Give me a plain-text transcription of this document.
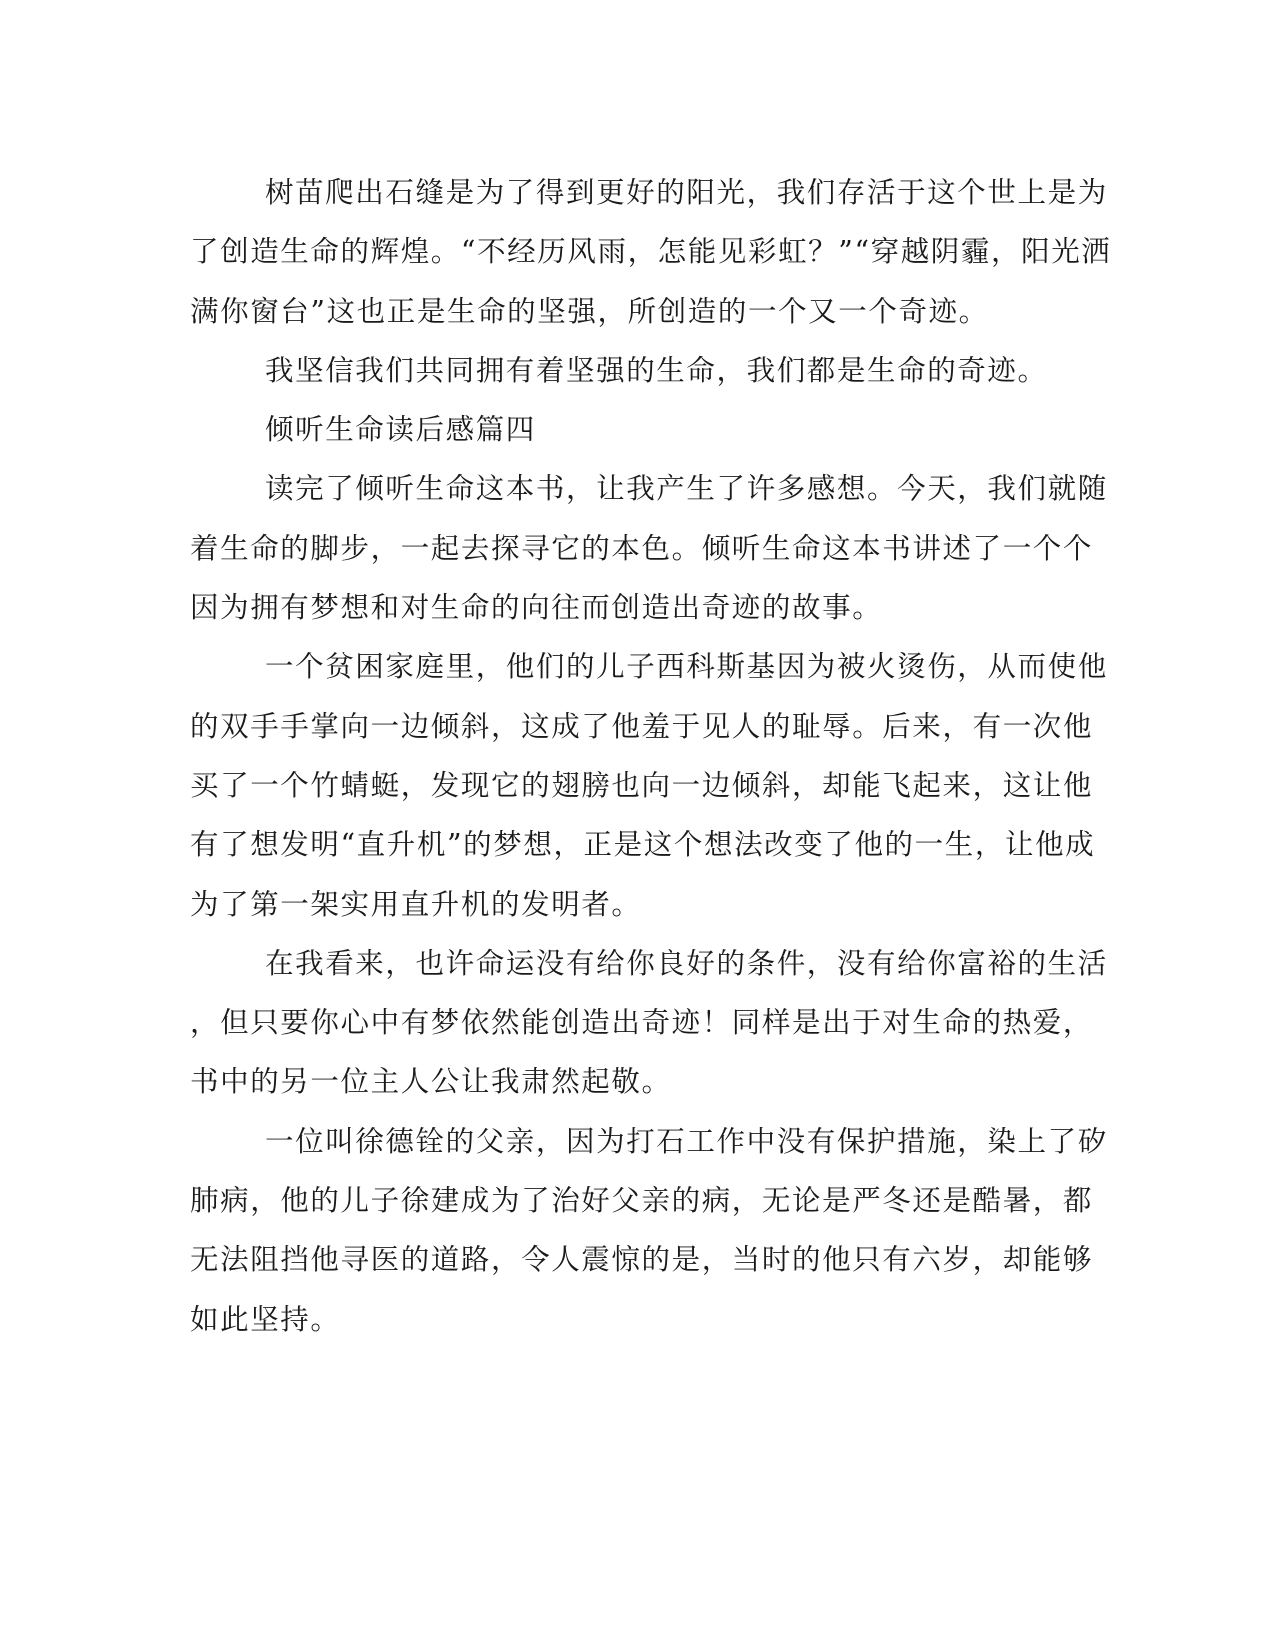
树苗爬出石缝是为了得到更好的阳光，我们存活于这个世上是为
了创造生命的辉煌。“不经历风雨，怎能见彩虹？”“穿越阴霾，阳光洒
满你窗台”这也正是生命的坚强，所创造的一个又一个奇迹。
我坚信我们共同拥有着坚强的生命，我们都是生命的奇迹。
倾听生命读后感篇四
读完了倾听生命这本书，让我产生了许多感想。今天，我们就随
着生命的脚步，一起去探寻它的本色。倾听生命这本书讲述了一个个
因为拥有梦想和对生命的向往而创造出奇迹的故事。
一个贫困家庭里，他们的儿子西科斯基因为被火烫伤，从而使他
的双手手掌向一边倾斜，这成了他羞于见人的耻辱。后来，有一次他
买了一个竹蜻蜓，发现它的翅膀也向一边倾斜，却能飞起来，这让他
有了想发明“直升机”的梦想，正是这个想法改变了他的一生，让他成
为了第一架实用直升机的发明者。
在我看来，也许命运没有给你良好的条件，没有给你富裕的生活
，但只要你心中有梦依然能创造出奇迹！同样是出于对生命的热爱，
书中的另一位主人公让我肃然起敬。
一位叫徐德铨的父亲，因为打石工作中没有保护措施，染上了矽
肺病，他的儿子徐建成为了治好父亲的病，无论是严冬还是酷暑，都
无法阻挡他寻医的道路，令人震惊的是，当时的他只有六岁，却能够
如此坚持。
